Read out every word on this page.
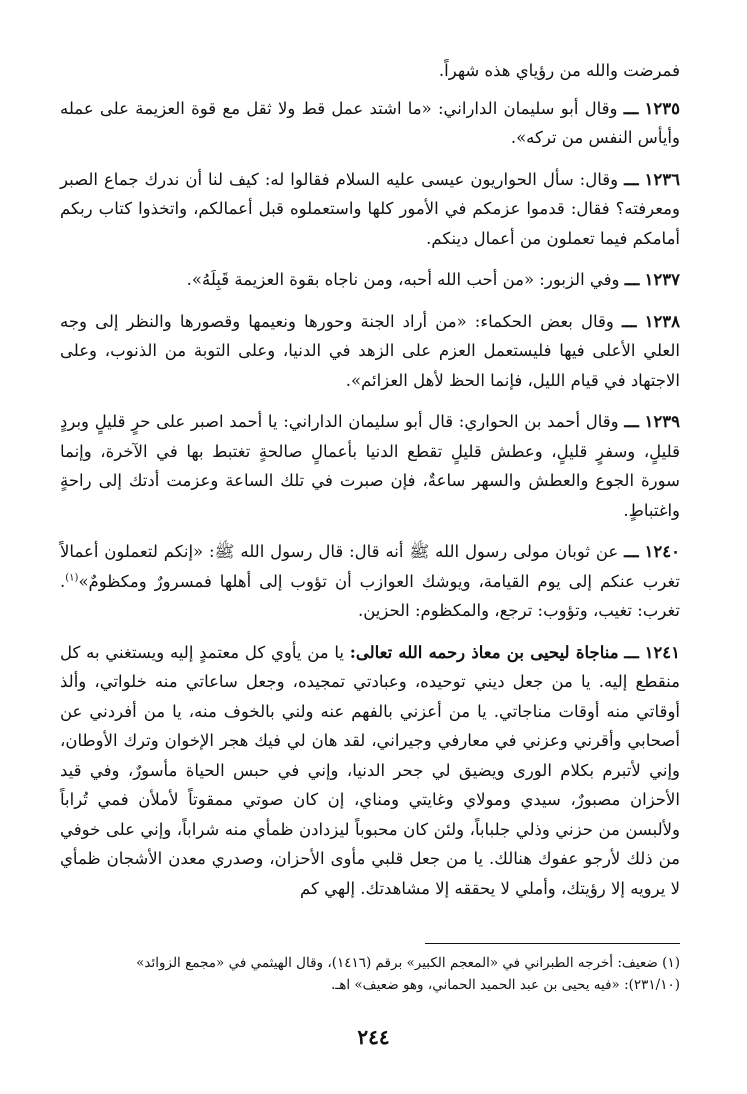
فمرضت والله من رؤياي هذه شهراً.

١٢٣٥ ـــ وقال أبو سليمان الداراني: «ما اشتد عمل قط ولا ثقل مع قوة العزيمة على عمله وأيأس النفس من تركه».

١٢٣٦ ـــ وقال: سأل الحواريون عيسى عليه السلام فقالوا له: كيف لنا أن ندرك جماع الصبر ومعرفته؟ فقال: قدموا عزمكم في الأمور كلها واستعملوه قبل أعمالكم، واتخذوا كتاب ربكم أمامكم فيما تعملون من أعمال دينكم.

١٢٣٧ ـــ وفي الزبور: «من أحب الله أحبه، ومن ناجاه بقوة العزيمة قَبِلَهُ».

١٢٣٨ ـــ وقال بعض الحكماء: «من أراد الجنة وحورها ونعيمها وقصورها والنظر إلى وجه العلي الأعلى فيها فليستعمل العزم على الزهد في الدنيا، وعلى التوبة من الذنوب، وعلى الاجتهاد في قيام الليل، فإنما الحظ لأهل العزائم».

١٢٣٩ ـــ وقال أحمد بن الحواري: قال أبو سليمان الداراني: يا أحمد اصبر على حرٍ قليلٍ وبردٍ قليلٍ، وسفرٍ قليلٍ، وعطش قليلٍ تقطع الدنيا بأعمالٍ صالحةٍ تغتبط بها في الآخرة، وإنما سورة الجوع والعطش والسهر ساعةٌ، فإن صبرت في تلك الساعة وعزمت أدتك إلى راحةٍ واغتباطٍ.

١٢٤٠ ـــ عن ثوبان مولى رسول الله ﷺ أنه قال: قال رسول الله ﷺ: «إنكم لتعملون أعمالاً تغرب عنكم إلى يوم القيامة، ويوشك العوازب أن تؤوب إلى أهلها فمسرورٌ ومكظومٌ»$^{(١)}$. تغرب: تغيب، وتؤوب: ترجع، والمكظوم: الحزين.

١٢٤١ ـــ مناجاة ليحيى بن معاذ رحمه الله تعالى: يا من يأوي كل معتمدٍ إليه ويستغني به كل منقطع إليه. يا من جعل ديني توحيده، وعبادتي تمجيده، وجعل ساعاتي منه خلواتي، وألذ أوقاتي منه أوقات مناجاتي. يا من أعزني بالفهم عنه ولني بالخوف منه، يا من أفردني عن أصحابي وأقرني وعزني في معارفي وجيراني، لقد هان لي فيك هجر الإخوان وترك الأوطان، وإني لأتبرم بكلام الورى ويضيق لي جحر الدنيا، وإني في حبس الحياة مأسورٌ، وفي قيد الأحزان مصبورٌ، سيدي ومولاي وغايتي ومناي، إن كان صوتي ممقوتاً لأملأن فمي تُراباً ولألبسن من حزني وذلي جلباباً، ولئن كان محبوباً ليزدادن ظمأي منه شراباً، وإني على خوفي من ذلك لأرجو عفوك هنالك. يا من جعل قلبي مأوى الأحزان، وصدري معدن الأشجان ظمأي لا يرويه إلا رؤيتك، وأملي لا يحققه إلا مشاهدتك. إلهي كم

(١) ضعيف: أخرجه الطبراني في «المعجم الكبير» برقم (١٤١٦)، وقال الهيثمي في «مجمع الزوائد»

(٢٣١/١٠): «فيه يحيى بن عبد الحميد الحماني، وهو ضعيف» اهـ.

٢٤٤
